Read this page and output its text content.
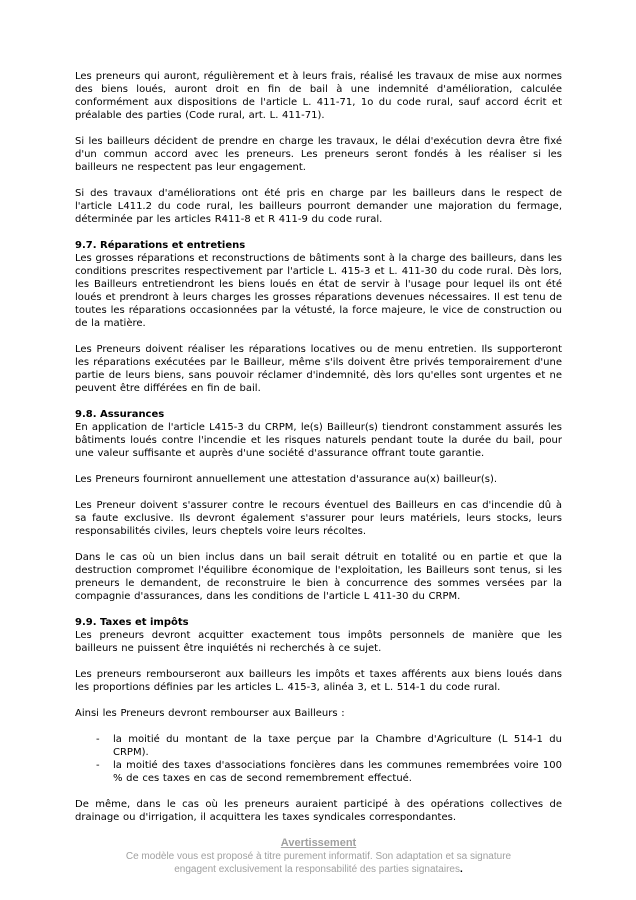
Les preneurs qui auront, régulièrement et à leurs frais, réalisé les travaux de mise aux normes des biens loués, auront droit en fin de bail à une indemnité d'amélioration, calculée conformément aux dispositions de l'article L. 411-71, 1o du code rural, sauf accord écrit et préalable des parties (Code rural, art. L. 411-71).

Si les bailleurs décident de prendre en charge les travaux, le délai d'exécution devra être fixé d'un commun accord avec les preneurs. Les preneurs seront fondés à les réaliser si les bailleurs ne respectent pas leur engagement.

Si des travaux d'améliorations ont été pris en charge par les bailleurs dans le respect de l'article L411.2 du code rural, les bailleurs pourront demander une majoration du fermage, déterminée par les articles R411-8 et R 411-9 du code rural.

9.7. Réparations et entretiens

Les grosses réparations et reconstructions de bâtiments sont à la charge des bailleurs, dans les conditions prescrites respectivement par l'article L. 415-3 et L. 411-30 du code rural. Dès lors, les Bailleurs entretiendront les biens loués en état de servir à l'usage pour lequel ils ont été loués et prendront à leurs charges les grosses réparations devenues nécessaires. Il est tenu de toutes les réparations occasionnées par la vétusté, la force majeure, le vice de construction ou de la matière.

Les Preneurs doivent réaliser les réparations locatives ou de menu entretien. Ils supporteront les réparations exécutées par le Bailleur, même s'ils doivent être privés temporairement d'une partie de leurs biens, sans pouvoir réclamer d'indemnité, dès lors qu'elles sont urgentes et ne peuvent être différées en fin de bail.

9.8. Assurances

En application de l'article L415-3 du CRPM, le(s) Bailleur(s) tiendront constamment assurés les bâtiments loués contre l'incendie et les risques naturels pendant toute la durée du bail, pour une valeur suffisante et auprès d'une société d'assurance offrant toute garantie.

Les Preneurs fourniront annuellement une attestation d'assurance au(x) bailleur(s).

Les Preneur doivent s'assurer contre le recours éventuel des Bailleurs en cas d'incendie dû à sa faute exclusive. Ils devront également s'assurer pour leurs matériels, leurs stocks, leurs responsabilités civiles, leurs cheptels voire leurs récoltes.

Dans le cas où un bien inclus dans un bail serait détruit en totalité ou en partie et que la destruction compromet l'équilibre économique de l'exploitation, les Bailleurs sont tenus, si les preneurs le demandent, de reconstruire le bien à concurrence des sommes versées par la compagnie d'assurances, dans les conditions de l'article L 411-30 du CRPM.

9.9. Taxes et impôts

Les preneurs devront acquitter exactement tous impôts personnels de manière que les bailleurs ne puissent être inquiétés ni recherchés à ce sujet.

Les preneurs rembourseront aux bailleurs les impôts et taxes afférents aux biens loués dans les proportions définies par les articles L. 415-3, alinéa 3, et L. 514-1 du code rural.

Ainsi les Preneurs devront rembourser aux Bailleurs :

- la moitié du montant de la taxe perçue par la Chambre d'Agriculture (L 514-1 du CRPM).
- la moitié des taxes d'associations foncières dans les communes remembrées voire 100 % de ces taxes en cas de second remembrement effectué.

De même, dans le cas où les preneurs auraient participé à des opérations collectives de drainage ou d'irrigation, il acquittera les taxes syndicales correspondantes.

Avertissement
Ce modèle vous est proposé à titre purement informatif. Son adaptation et sa signature engagent exclusivement la responsabilité des parties signataires.
